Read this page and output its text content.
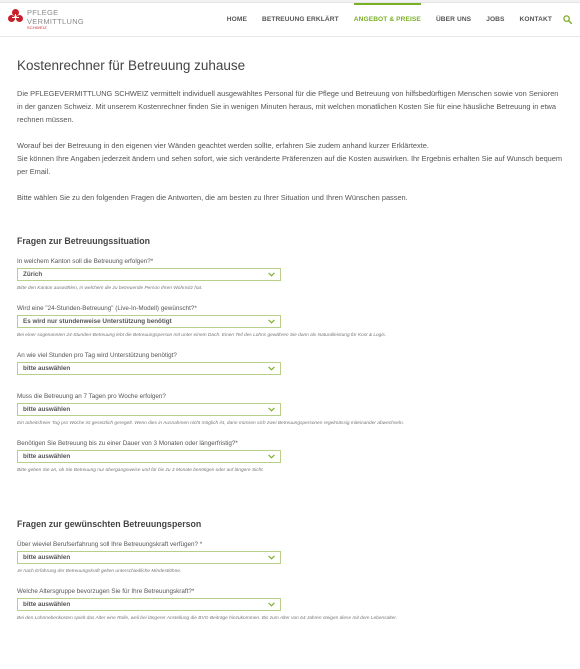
PFLEGE
VERMITTLUNG
SCHWEIZ
HOME BETREUUNG ERKLÄRT ANGEBOT & PREISE ÜBER UNS JOBS KONTAKT
Kostenrechner für Betreuung zuhause

Die PFLEGEVERMITTLUNG SCHWEIZ vermittelt individuell ausgewähltes Personal für die Pflege und Betreuung von hilfsbedürftigen Menschen sowie von Senioren in der ganzen Schweiz. Mit unserem Kostenrechner finden Sie in wenigen Minuten heraus, mit welchen monatlichen Kosten Sie für eine häusliche Betreuung in etwa rechnen müssen.

Worauf bei der Betreuung in den eigenen vier Wänden geachtet werden sollte, erfahren Sie zudem anhand kurzer Erklärtexte.

Sie können Ihre Angaben jederzeit ändern und sehen sofort, wie sich veränderte Präferenzen auf die Kosten auswirken. Ihr Ergebnis erhalten Sie auf Wunsch bequem per Email.

Bitte wählen Sie zu den folgenden Fragen die Antworten, die am besten zu Ihrer Situation und Ihren Wünschen passen.

Fragen zur Betreuungssituation
In welchem Kanton soll die Betreuung erfolgen?*
Zürich
Bitte den Kanton auswählen, in welchem die zu betreuende Person Ihren Wohnsitz hat.
Wird eine "24-Stunden-Betreuung" (Live-In-Modell) gewünscht?*
Es wird nur stundenweise Unterstützung benötigt
Bei einer sogenannten 24-Stunden-Betreuung lebt die Betreuungsperson mit unter einem Dach. Einen Teil des Lohns gewähren Sie dann als Naturalleistung für Kost & Logis.
An wie viel Stunden pro Tag wird Unterstützung benötigt?
bitte auswählen
Muss die Betreuung an 7 Tagen pro Woche erfolgen?
bitte auswählen
Ein arbeitsfreier Tag pro Woche ist gesetzlich geregelt. Wenn dies in Ausnahmen nicht möglich ist, dann müssen sich zwei Betreuungspersonen regelmässig miteinander abwechseln.
Benötigen Sie Betreuung bis zu einer Dauer von 3 Monaten oder längerfristig?*
bitte auswählen
Bitte geben Sie an, ob Sie Betreuung nur übergangsweise und für bis zu 3 Monate benötigen oder auf längere Sicht.
Fragen zur gewünschten Betreuungsperson
Über wieviel Berufserfahrung soll Ihre Betreuungskraft verfügen? *
bitte auswählen
Je nach Erfahrung der Betreuungskraft gelten unterschiedliche Mindestlöhne.
Welche Altersgruppe bevorzugen Sie für Ihre Betreuungskraft?*
bitte auswählen
Bei den Lohnnebenkosten spielt das Alter eine Rolle, weil bei längerer Anstellung die BVG-Beiträge hinzukommen. Bis zum Alter von 64 Jahren steigen diese mit dem Lebensalter.
